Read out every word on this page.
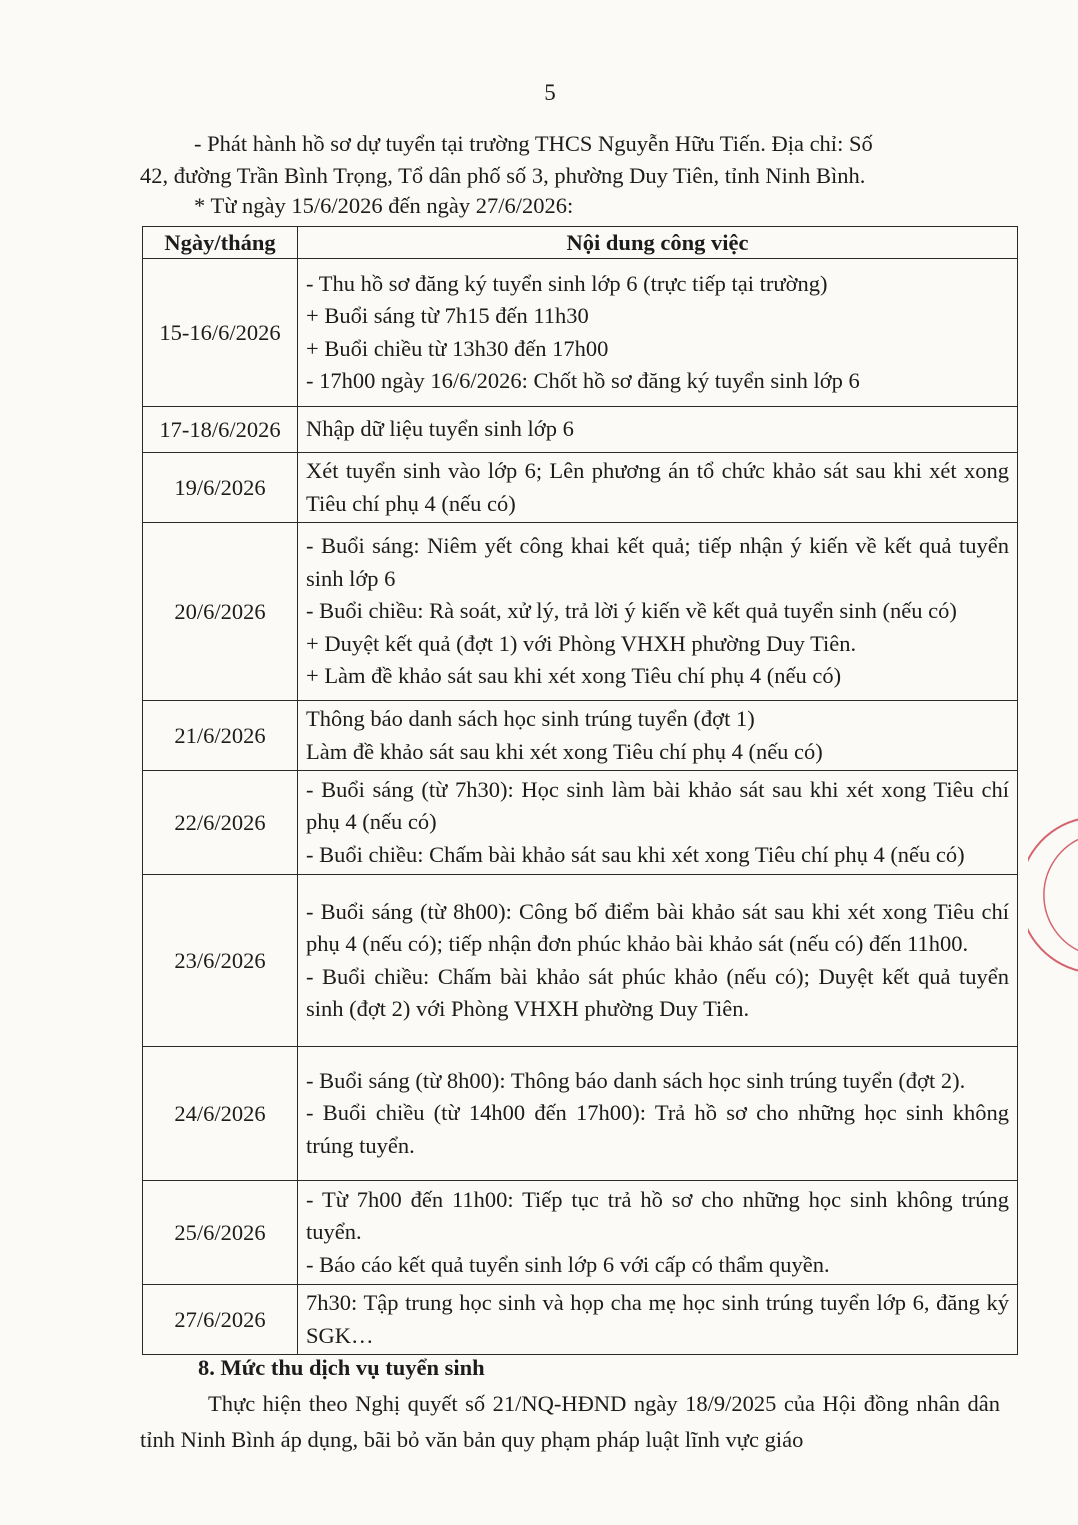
5

- Phát hành hồ sơ dự tuyển tại trường THCS Nguyễn Hữu Tiến. Địa chỉ: Số

42, đường Trần Bình Trọng, Tổ dân phố số 3, phường Duy Tiên, tỉnh Ninh Bình.

* Từ ngày 15/6/2026 đến ngày 27/6/2026:

Ngày/tháng	Nội dung công việc
15-16/6/2026	- Thu hồ sơ đăng ký tuyển sinh lớp 6 (trực tiếp tại trường)
+ Buổi sáng từ 7h15 đến 11h30
+ Buổi chiều từ 13h30 đến 17h00
- 17h00 ngày 16/6/2026: Chốt hồ sơ đăng ký tuyển sinh lớp 6

17-18/6/2026	Nhập dữ liệu tuyển sinh lớp 6

19/6/2026	Xét tuyển sinh vào lớp 6; Lên phương án tổ chức khảo sát sau khi xét xong Tiêu chí phụ 4 (nếu có)

20/6/2026	- Buổi sáng: Niêm yết công khai kết quả; tiếp nhận ý kiến về kết quả tuyển sinh lớp 6
- Buổi chiều: Rà soát, xử lý, trả lời ý kiến về kết quả tuyển sinh (nếu có)
+ Duyệt kết quả (đợt 1) với Phòng VHXH phường Duy Tiên.
+ Làm đề khảo sát sau khi xét xong Tiêu chí phụ 4 (nếu có)

21/6/2026	Thông báo danh sách học sinh trúng tuyển (đợt 1)
Làm đề khảo sát sau khi xét xong Tiêu chí phụ 4 (nếu có)

22/6/2026	- Buổi sáng (từ 7h30): Học sinh làm bài khảo sát sau khi xét xong Tiêu chí phụ 4 (nếu có)
- Buổi chiều: Chấm bài khảo sát sau khi xét xong Tiêu chí phụ 4 (nếu có)

23/6/2026	- Buổi sáng (từ 8h00): Công bố điểm bài khảo sát sau khi xét xong Tiêu chí phụ 4 (nếu có); tiếp nhận đơn phúc khảo bài khảo sát (nếu có) đến 11h00.
- Buổi chiều: Chấm bài khảo sát phúc khảo (nếu có); Duyệt kết quả tuyển sinh (đợt 2) với Phòng VHXH phường Duy Tiên.

24/6/2026	- Buổi sáng (từ 8h00): Thông báo danh sách học sinh trúng tuyển (đợt 2).
- Buổi chiều (từ 14h00 đến 17h00): Trả hồ sơ cho những học sinh không trúng tuyển.

25/6/2026	- Từ 7h00 đến 11h00: Tiếp tục trả hồ sơ cho những học sinh không trúng tuyển.
- Báo cáo kết quả tuyển sinh lớp 6 với cấp có thẩm quyền.

27/6/2026	7h30: Tập trung học sinh và họp cha mẹ học sinh trúng tuyển lớp 6, đăng ký SGK…
8. Mức thu dịch vụ tuyển sinh

Thực hiện theo Nghị quyết số 21/NQ-HĐND ngày 18/9/2025 của Hội đồng nhân dân tỉnh Ninh Bình áp dụng, bãi bỏ văn bản quy phạm pháp luật lĩnh vực giáo
